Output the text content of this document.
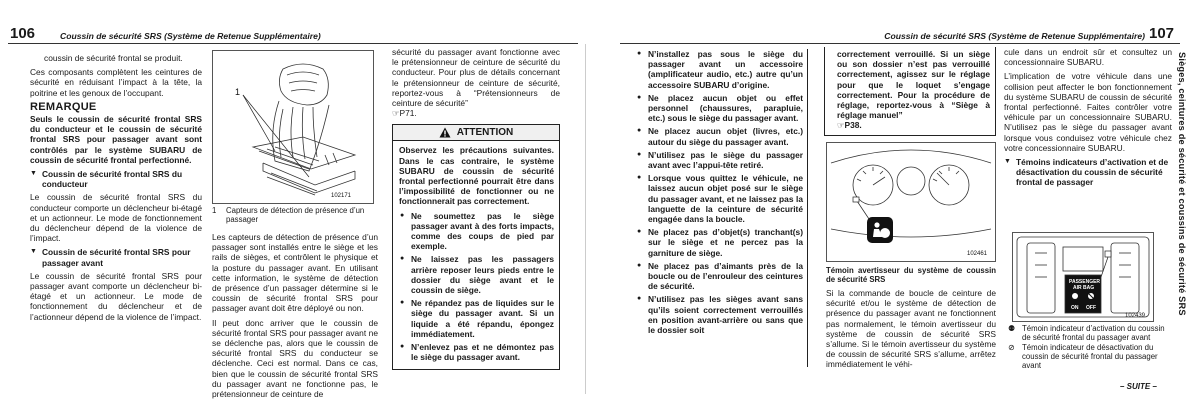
106	Coussin de sécurité SRS (Système de Retenue Supplémentaire)

coussin de sécurité frontal se produit.

Ces composants complètent les ceintures de sécurité en réduisant l’impact à la tête, la poitrine et les genoux de l’occupant.

REMARQUE

Seuls le coussin de sécurité frontal SRS du conducteur et le coussin de sécurité frontal SRS pour passager avant sont contrôlés par le système SUBARU de coussin de sécurité frontal perfectionné.

▼ Coussin de sécurité frontal SRS du conducteur

Le coussin de sécurité frontal SRS du conducteur comporte un déclencheur bi-étagé et un actionneur. Le mode de fonctionnement du déclencheur dépend de la violence de l’impact.

▼ Coussin de sécurité frontal SRS pour passager avant

Le coussin de sécurité frontal SRS pour passager avant comporte un déclencheur bi-étagé et un actionneur. Le mode de fonctionnement du déclencheur et de l’actionneur dépend de la violence de l’impact.

1
102171
1	Capteurs de détection de présence d’un passager

Les capteurs de détection de présence d’un passager sont installés entre le siège et les rails de sièges, et contrôlent le physique et la posture du passager avant. En utilisant cette information, le système de détection de présence d’un passager détermine si le coussin de sécurité frontal SRS pour passager avant doit être déployé ou non.

Il peut donc arriver que le coussin de sécurité frontal SRS pour passager avant ne se déclenche pas, alors que le coussin de sécurité frontal SRS du conducteur se déclenche. Ceci est normal. Dans ce cas, bien que le coussin de sécurité frontal SRS du passager avant ne fonctionne pas, le prétensionneur de ceinture de

sécurité du passager avant fonctionne avec le prétensionneur de ceinture de sécurité du conducteur. Pour plus de détails concernant le prétensionneur de ceinture de sécurité, reportez-vous à “Prétensionneurs de ceinture de sécurité”
☞P71.

ATTENTION

Observez les précautions suivantes. Dans le cas contraire, le système SUBARU de coussin de sécurité frontal perfectionné pourrait être dans l’impossibilité de fonctionner ou ne fonctionnerait pas correctement.

● Ne soumettez pas le siège passager avant à des forts impacts, comme des coups de pied par exemple.
● Ne laissez pas les passagers arrière reposer leurs pieds entre le dossier du siège avant et le coussin de siège.
● Ne répandez pas de liquides sur le siège du passager avant. Si un liquide a été répandu, épongez immédiatement.
● N’enlevez pas et ne démontez pas le siège du passager avant.
Coussin de sécurité SRS (Système de Retenue Supplémentaire) 107
● N’installez pas sous le siège du passager avant un accessoire (amplificateur audio, etc.) autre qu’un accessoire SUBARU d’origine.
● Ne placez aucun objet ou effet personnel (chaussures, parapluie, etc.) sous le siège du passager avant.
● Ne placez aucun objet (livres, etc.) autour du siège du passager avant.
● N’utilisez pas le siège du passager avant avec l’appui-tête retiré.
● Lorsque vous quittez le véhicule, ne laissez aucun objet posé sur le siège du passager avant, et ne laissez pas la languette de la ceinture de sécurité engagée dans la boucle.
● Ne placez pas d’objet(s) tranchant(s) sur le siège et ne percez pas la garniture de siège.
● Ne placez pas d’aimants près de la boucle ou de l’enrouleur des ceintures de sécurité.
● N’utilisez pas les sièges avant sans qu’ils soient correctement verrouillés en position avant-arrière ou sans que le dossier soit
correctement verrouillé. Si un siège ou son dossier n’est pas verrouillé correctement, agissez sur le réglage pour que le loquet s’engage correctement. Pour la procédure de réglage, reportez-vous à “Siège à réglage manuel”
☞P38.
102461

Témoin avertisseur du système de coussin de sécurité SRS

Si la commande de boucle de ceinture de sécurité et/ou le système de détection de présence du passager avant ne fonctionnent pas normalement, le témoin avertisseur du système de coussin de sécurité SRS s’allume. Si le témoin avertisseur du système de coussin de sécurité SRS s’allume, arrêtez immédiatement le véhi-

cule dans un endroit sûr et consultez un concessionnaire SUBARU.

L’implication de votre véhicule dans une collision peut affecter le bon fonctionnement du système SUBARU de coussin de sécurité frontal perfectionné. Faites contrôler votre véhicule par un concessionnaire SUBARU. N’utilisez pas le siège du passager avant lorsque vous conduisez votre véhicule chez votre concessionnaire SUBARU.

▼ Témoins indicateurs d’activation et de désactivation du coussin de sécurité frontal de passager
PASSENGER
AIR BAG
ON OFF
102439
⚉ Témoin indicateur d’activation du coussin de sécurité frontal du passager avant
⊘ Témoin indicateur de désactivation du coussin de sécurité frontal du passager avant
– SUITE –
Sièges, ceintures de sécurité et coussins de sécurité SRS
